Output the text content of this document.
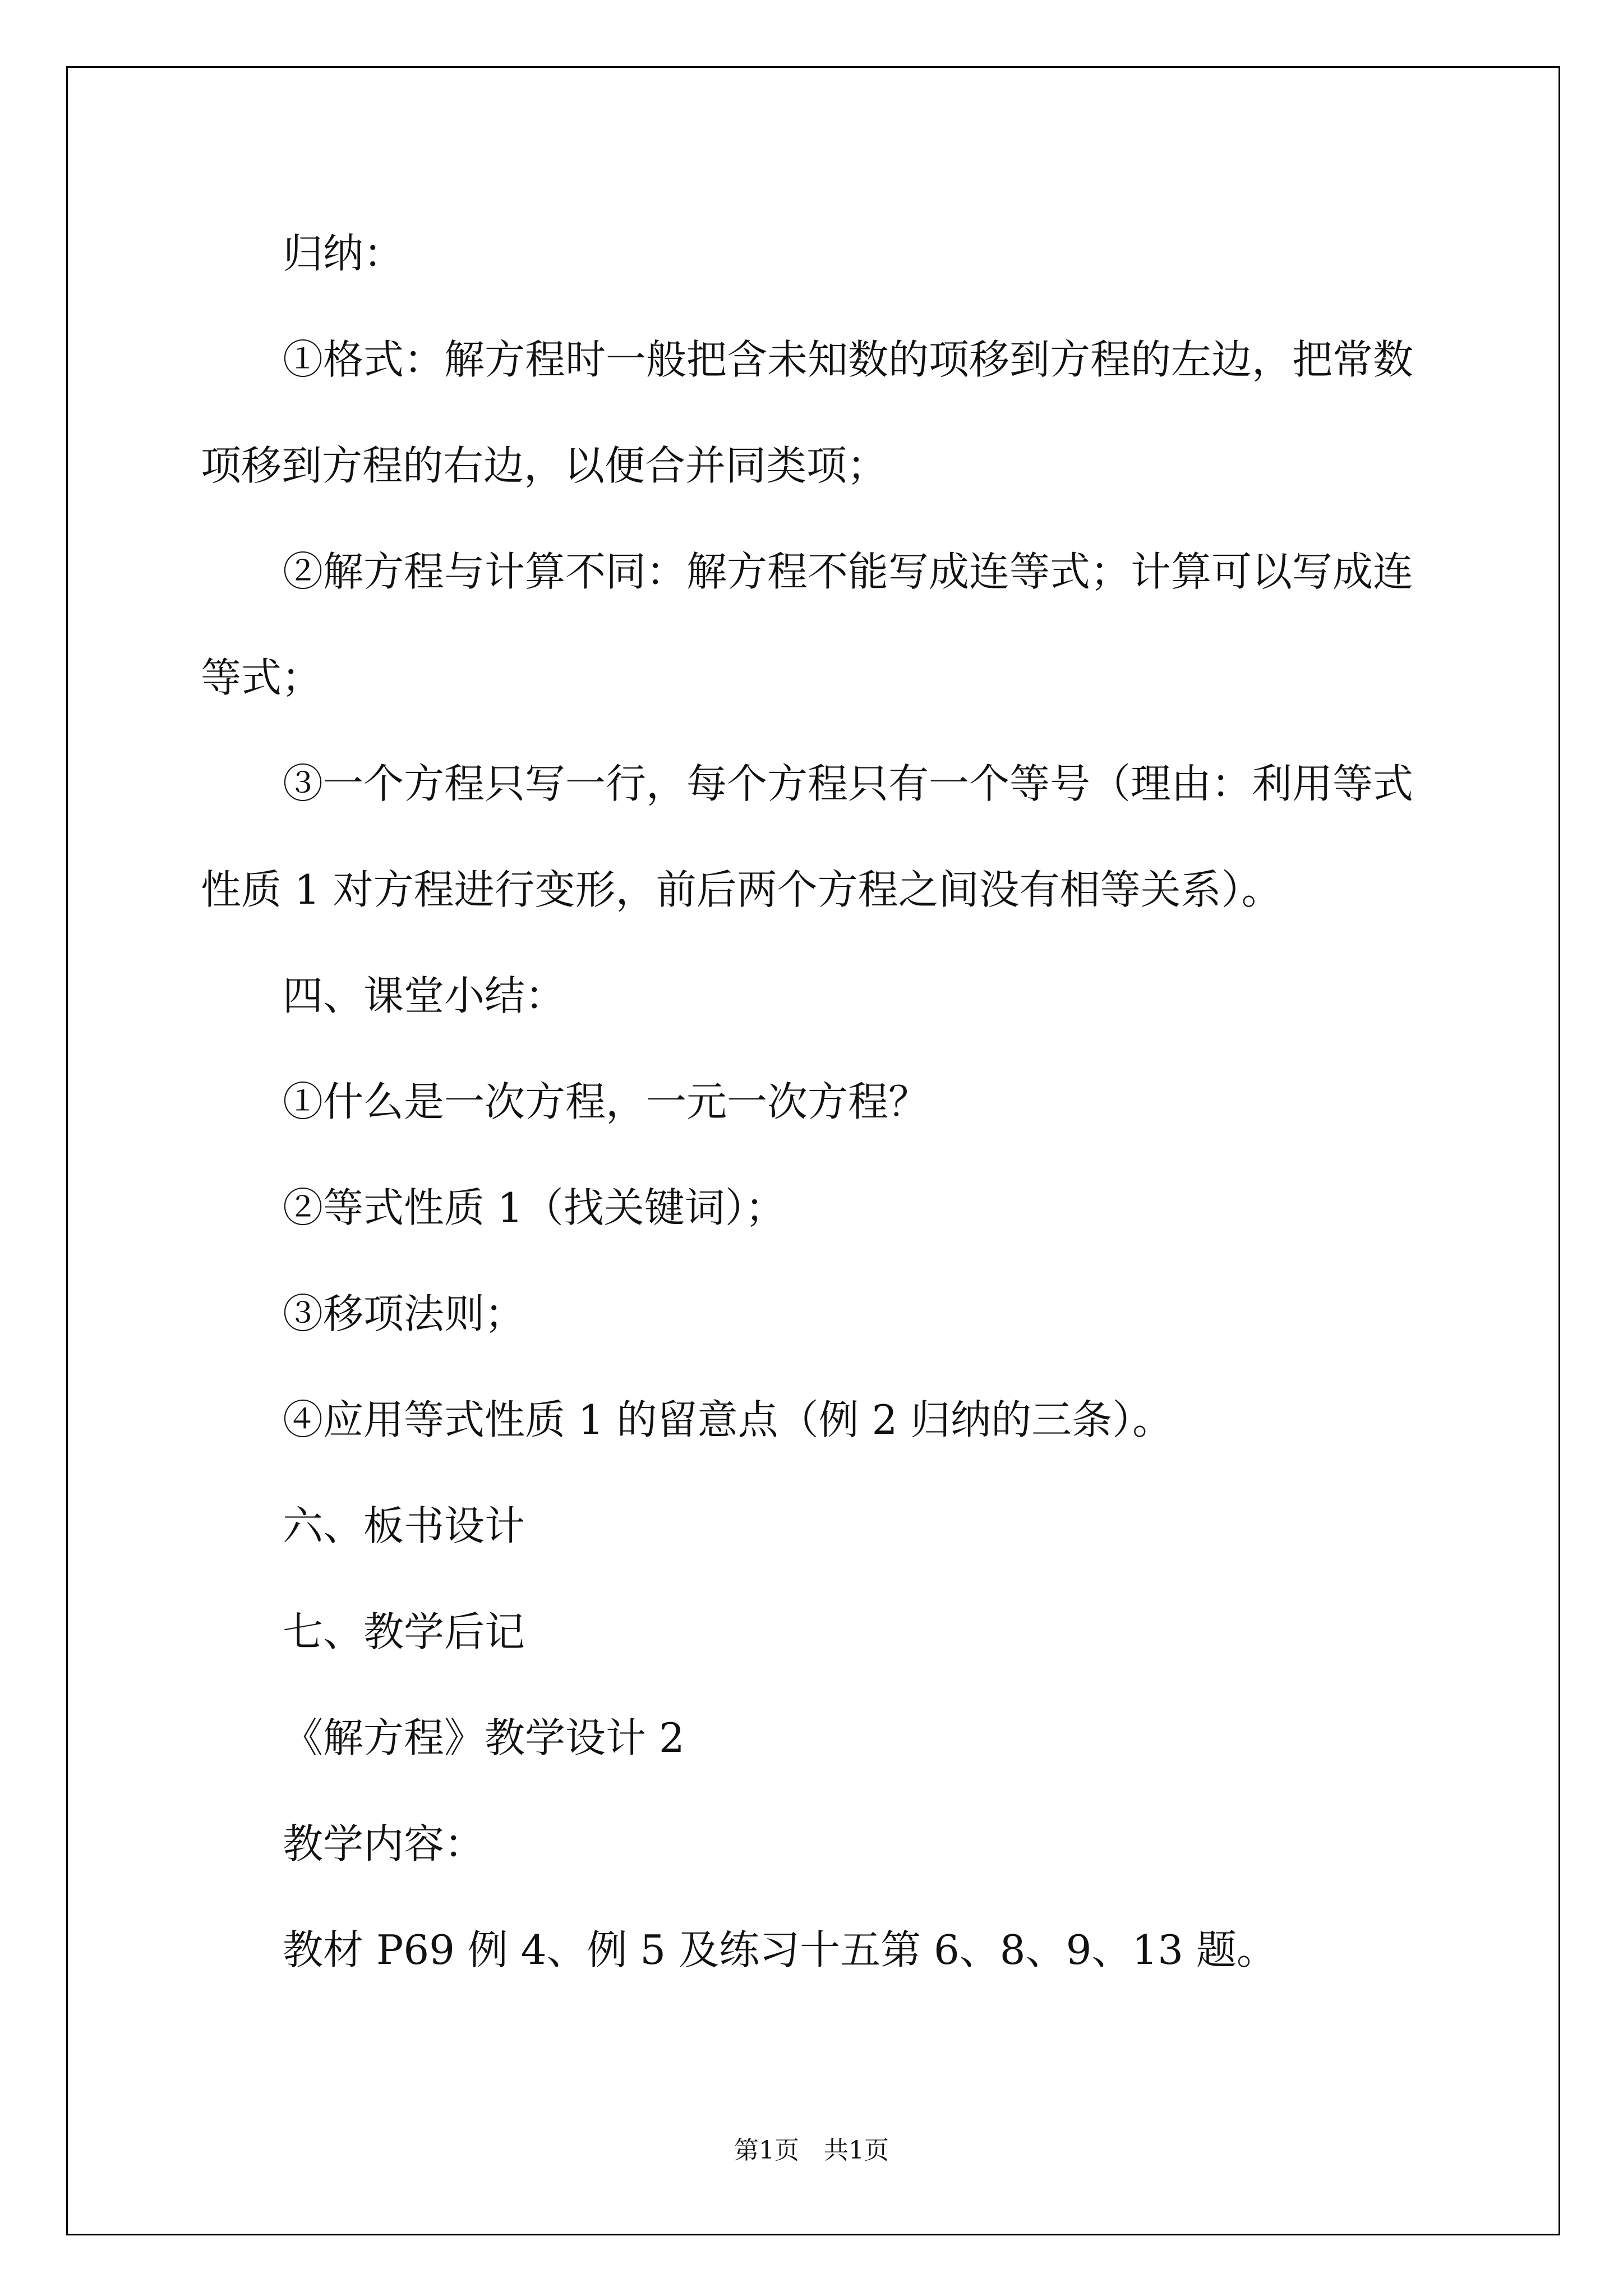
归纳：
①格式：解方程时一般把含未知数的项移到方程的左边，把常数
项移到方程的右边，以便合并同类项；
②解方程与计算不同：解方程不能写成连等式；计算可以写成连
等式；
③一个方程只写一行，每个方程只有一个等号（理由：利用等式
性质 1 对方程进行变形，前后两个方程之间没有相等关系）。
四、课堂小结：
①什么是一次方程，一元一次方程？
②等式性质 1（找关键词）；
③移项法则；
④应用等式性质 1 的留意点（例 2 归纳的三条）。
六、板书设计
七、教学后记
《解方程》教学设计 2
教学内容：
教材 P69 例 4、例 5 及练习十五第 6、8、9、13 题。
第1页　共1页
